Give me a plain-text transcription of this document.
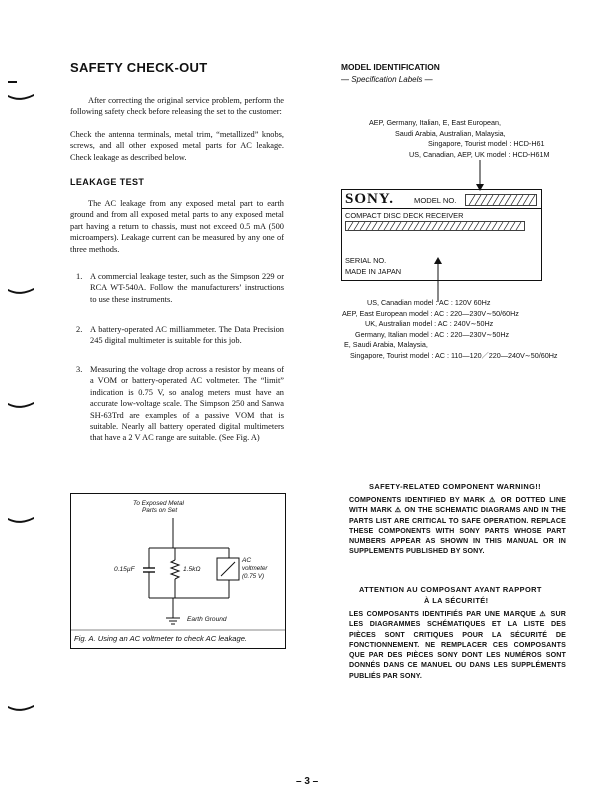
SAFETY CHECK-OUT
After correcting the original service problem, perform the following safety check before releasing the set to the customer:
Check the antenna terminals, metal trim, “metallized” knobs, screws, and all other exposed metal parts for AC leakage. Check leakage as described below.
LEAKAGE TEST
The AC leakage from any exposed metal part to earth ground and from all exposed metal parts to any exposed metal part having a return to chassis, must not exceed 0.5 mA (500 microampers). Leakage current can be measured by any one of three methods.
1. A commercial leakage tester, such as the Simpson 229 or RCA WT-540A. Follow the manufacturers’ instructions to use these instruments.
2. A battery-operated AC milliammeter. The Data Precision 245 digital multimeter is suitable for this job.
3. Measuring the voltage drop across a resistor by means of a VOM or battery-operated AC voltmeter. The “limit” indication is 0.75 V, so analog meters must have an accurate low-voltage scale. The Simpson 250 and Sanwa SH-63Trd are examples of a passive VOM that is suitable. Nearly all battery operated digital multimeters that have a 2 V AC range are suitable. (See Fig. A)
To Exposed Metal
Parts on Set
0.15µF	1.5kΩ
AC
voltmeter
(0.75 V)
Earth Ground
Fig. A. Using an AC voltmeter to check AC leakage.
MODEL IDENTIFICATION
— Specification Labels —
AEP, Germany, Italian, E, East European,
Saudi Arabia, Australian, Malaysia,
Singapore, Tourist model : HCD-H61
US, Canadian, AEP, UK model : HCD-H61M
SONY.	MODEL NO.
COMPACT DISC DECK RECEIVER
SERIAL NO.
MADE IN JAPAN
US, Canadian model : AC : 120V 60Hz
AEP, East European model : AC : 220—230V∼50/60Hz
UK, Australian model : AC : 240V∼50Hz
Germany, Italian model : AC : 220—230V∼50Hz
E, Saudi Arabia, Malaysia,
Singapore, Tourist model : AC : 110—120／220—240V∼50/60Hz
SAFETY-RELATED COMPONENT WARNING!!
COMPONENTS IDENTIFIED BY MARK ⚠ OR DOTTED LINE WITH MARK ⚠ ON THE SCHEMATIC DIAGRAMS AND IN THE PARTS LIST ARE CRITICAL TO SAFE OPERATION. REPLACE THESE COMPONENTS WITH SONY PARTS WHOSE PART NUMBERS APPEAR AS SHOWN IN THIS MANUAL OR IN SUPPLEMENTS PUBLISHED BY SONY.
ATTENTION AU COMPOSANT AYANT RAPPORT
À LA SÉCURITÉ!
LES COMPOSANTS IDENTIFIÉS PAR UNE MARQUE ⚠ SUR LES DIAGRAMMES SCHÉMATIQUES ET LA LISTE DES PIÈCES SONT CRITIQUES POUR LA SÉCURITÉ DE FONCTIONNEMENT. NE REMPLACER CES COMPOSANTS QUE PAR DES PIÈCES SONY DONT LES NUMÉROS SONT DONNÉS DANS CE MANUEL OU DANS LES SUPPLÉMENTS PUBLIÉS PAR SONY.
– 3 –
